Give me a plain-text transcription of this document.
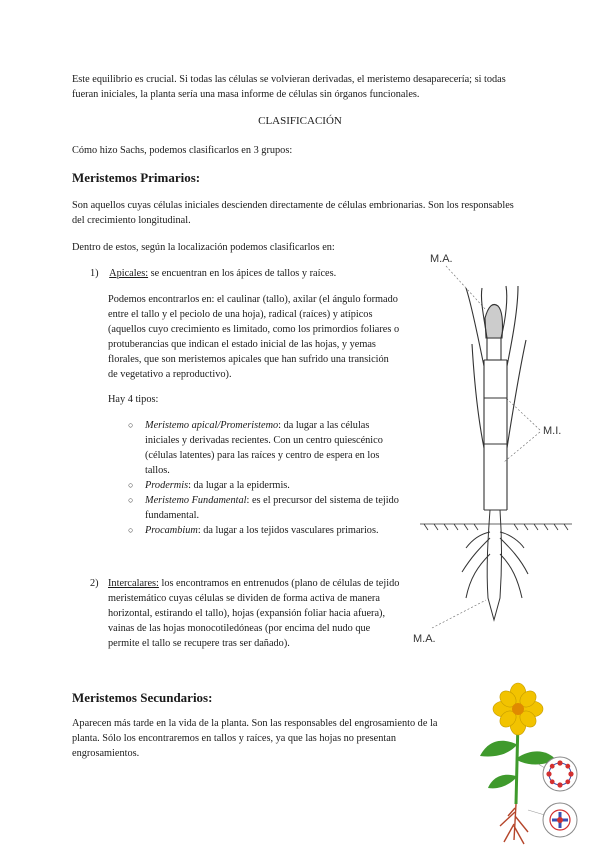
Este equilibrio es crucial. Si todas las células se volvieran derivadas, el meristemo desaparecería; si todas fueran iniciales, la planta sería una masa informe de células sin órganos funcionales.

CLASIFICACIÓN

Cómo hizo Sachs, podemos clasificarlos en 3 grupos:

Meristemos Primarios:

Son aquellos cuyas células iniciales descienden directamente de células embrionarias. Son los responsables del crecimiento longitudinal.

Dentro de estos, según la localización podemos clasificarlos en:

1) Apicales: se encuentran en los ápices de tallos y raíces.

Podemos encontrarlos en: el caulinar (tallo), axilar (el ángulo formado entre el tallo y el peciolo de una hoja), radical (raíces) y atípicos (aquellos cuyo crecimiento es limitado, como los primordios foliares o protuberancias que indican el estado inicial de las hojas, y yemas florales, que son meristemos apicales que han sufrido una transición de vegetativo a reproductivo).

Hay 4 tipos:

○ Meristemo apical/Promeristemo: da lugar a las células iniciales y derivadas recientes. Con un centro quiescénico (células latentes) para las raíces y centro de espera en los tallos.

○ Prodermis: da lugar a la epidermis.

○ Meristemo Fundamental: es el precursor del sistema de tejido fundamental.

○ Procambium: da lugar a los tejidos vasculares primarios.

2) Intercalares: los encontramos en entrenudos (plano de células de tejido meristemático cuyas células se dividen de forma activa de manera horizontal, estirando el tallo), hojas (expansión foliar hacia afuera), vainas de las hojas monocotiledóneas (por encima del nudo que permite el tallo se recupere tras ser dañado).

M.A.
M.I.
M.A.

Meristemos Secundarios:

Aparecen más tarde en la vida de la planta. Son las responsables del engrosamiento de la planta. Sólo los encontraremos en tallos y raíces, ya que las hojas no presentan engrosamientos.
